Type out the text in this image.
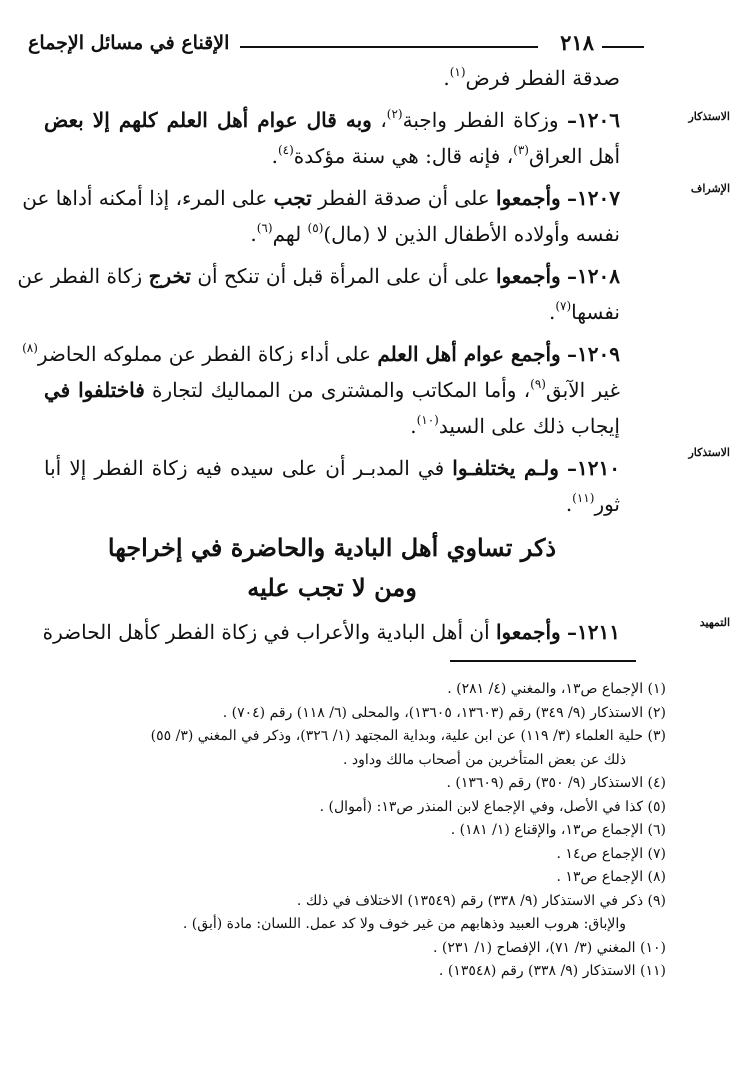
الإقناع في مسائل الإجماع	٢١٨
الاستذكار
الإشراف
الاستذكار
التمهيد
صدقة الفطر فرض$^{(١)}$.
١٢٠٦– وزكاة الفطر واجبة$^{(٢)}$، وبه قال عوام أهل العلم كلهم إلا بعض
أهل العراق$^{(٣)}$، فإنه قال: هي سنة مؤكدة$^{(٤)}$.
١٢٠٧– وأجمعوا على أن صدقة الفطر تجب على المرء، إذا أمكنه أداها عن
نفسه وأولاده الأطفال الذين لا (مال)$^{(٥)}$ لهم$^{(٦)}$.
١٢٠٨– وأجمعوا على أن على المرأة قبل أن تنكح أن تخرج زكاة الفطر عن
نفسها$^{(٧)}$.
١٢٠٩– وأجمع عوام أهل العلم على أداء زكاة الفطر عن مملوكه الحاضر$^{(٨)}$
غير الآبق$^{(٩)}$، وأما المكاتب والمشترى من المماليك لتجارة فاختلفوا في
إيجاب ذلك على السيد$^{(١٠)}$.
١٢١٠– ولـم يختلفـوا في المدبـر أن على سيده فيه زكاة الفطر إلا أبا
ثور$^{(١١)}$.
ذكر تساوي أهل البادية والحاضرة في إخراجها
ومن لا تجب عليه
١٢١١– وأجمعوا أن أهل البادية والأعراب في زكاة الفطر كأهل الحاضرة
(١) الإجماع ص١٣، والمغني (٤/ ٢٨١) .
(٢) الاستذكار (٩/ ٣٤٩) رقم (١٣٦٠٣، ١٣٦٠٥)، والمحلى (٦/ ١١٨) رقم (٧٠٤) .
(٣) حلية العلماء (٣/ ١١٩) عن ابن علية، وبداية المجتهد (١/ ٣٢٦)، وذكر في المغني (٣/ ٥٥)
ذلك عن بعض المتأخرين من أصحاب مالك وداود .
(٤) الاستذكار (٩/ ٣٥٠) رقم (١٣٦٠٩) .
(٥) كذا في الأصل، وفي الإجماع لابن المنذر ص١٣: (أموال) .
(٦) الإجماع ص١٣، والإقناع (١/ ١٨١) .
(٧) الإجماع ص١٤ .
(٨) الإجماع ص١٣ .
(٩) ذكر في الاستذكار (٩/ ٣٣٨) رقم (١٣٥٤٩) الاختلاف في ذلك .
والإباق: هروب العبيد وذهابهم من غير خوف ولا كد عمل. اللسان: مادة (أبق) .
(١٠) المغني (٣/ ٧١)، الإفصاح (١/ ٢٣١) .
(١١) الاستذكار (٩/ ٣٣٨) رقم (١٣٥٤٨) .
